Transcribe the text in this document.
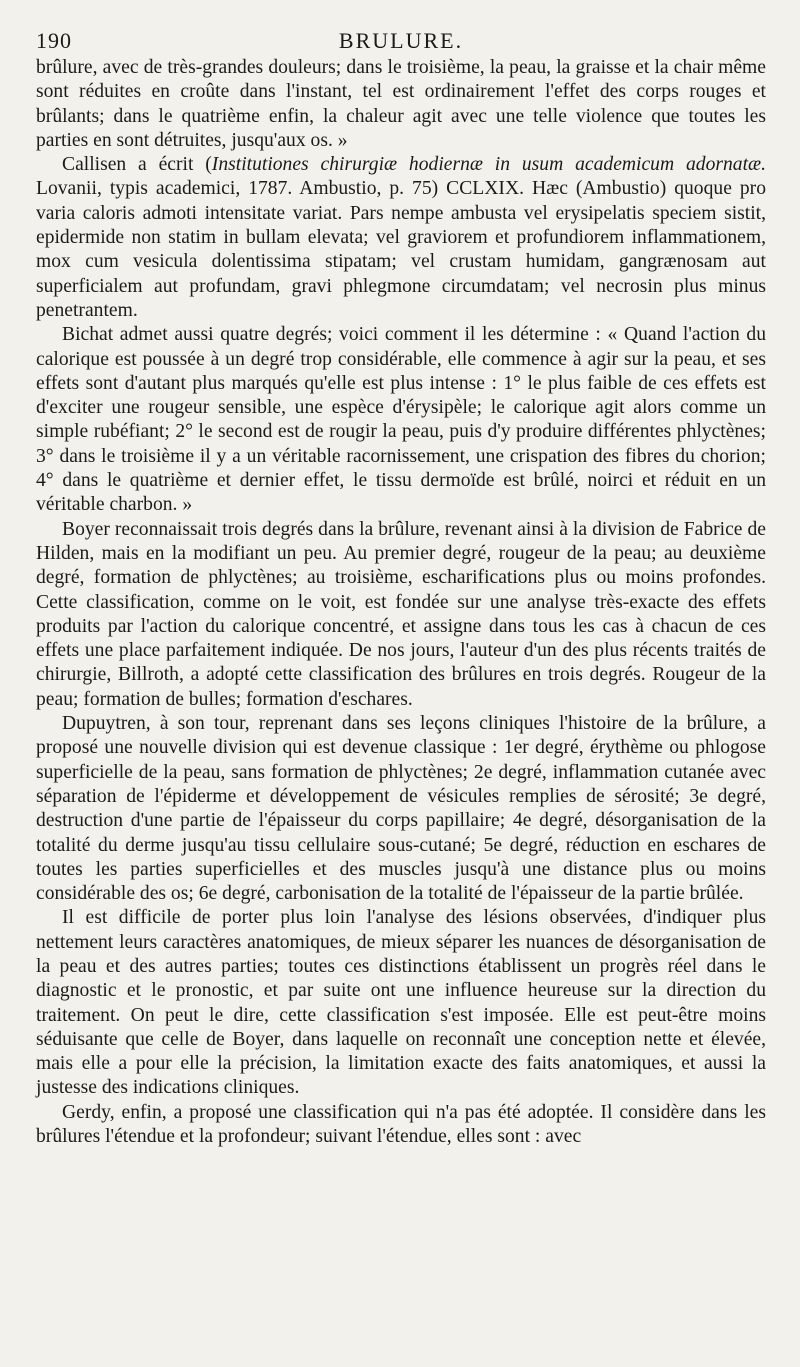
190	BRULURE.

brûlure, avec de très-grandes douleurs; dans le troisième, la peau, la graisse et la chair même sont réduites en croûte dans l'instant, tel est ordinairement l'effet des corps rouges et brûlants; dans le quatrième enfin, la chaleur agit avec une telle violence que toutes les parties en sont détruites, jusqu'aux os. »

Callisen a écrit (Institutiones chirurgiæ hodiernæ in usum academicum adornatæ. Lovanii, typis academici, 1787. Ambustio, p. 75) CCLXIX. Hæc (Ambustio) quoque pro varia caloris admoti intensitate variat. Pars nempe ambusta vel erysipelatis speciem sistit, epidermide non statim in bullam elevata; vel graviorem et profundiorem inflammationem, mox cum vesicula dolentissima stipatam; vel crustam humidam, gangrænosam aut superficialem aut profundam, gravi phlegmone circumdatam; vel necrosin plus minus penetrantem.

Bichat admet aussi quatre degrés; voici comment il les détermine : « Quand l'action du calorique est poussée à un degré trop considérable, elle commence à agir sur la peau, et ses effets sont d'autant plus marqués qu'elle est plus intense : 1° le plus faible de ces effets est d'exciter une rougeur sensible, une espèce d'érysipèle; le calorique agit alors comme un simple rubéfiant; 2° le second est de rougir la peau, puis d'y produire différentes phlyctènes; 3° dans le troisième il y a un véritable racornissement, une crispation des fibres du chorion; 4° dans le quatrième et dernier effet, le tissu dermoïde est brûlé, noirci et réduit en un véritable charbon. »

Boyer reconnaissait trois degrés dans la brûlure, revenant ainsi à la division de Fabrice de Hilden, mais en la modifiant un peu. Au premier degré, rougeur de la peau; au deuxième degré, formation de phlyctènes; au troisième, escharifications plus ou moins profondes. Cette classification, comme on le voit, est fondée sur une analyse très-exacte des effets produits par l'action du calorique concentré, et assigne dans tous les cas à chacun de ces effets une place parfaitement indiquée. De nos jours, l'auteur d'un des plus récents traités de chirurgie, Billroth, a adopté cette classification des brûlures en trois degrés. Rougeur de la peau; formation de bulles; formation d'eschares.

Dupuytren, à son tour, reprenant dans ses leçons cliniques l'histoire de la brûlure, a proposé une nouvelle division qui est devenue classique : 1er degré, érythème ou phlogose superficielle de la peau, sans formation de phlyctènes; 2e degré, inflammation cutanée avec séparation de l'épiderme et développement de vésicules remplies de sérosité; 3e degré, destruction d'une partie de l'épaisseur du corps papillaire; 4e degré, désorganisation de la totalité du derme jusqu'au tissu cellulaire sous-cutané; 5e degré, réduction en eschares de toutes les parties superficielles et des muscles jusqu'à une distance plus ou moins considérable des os; 6e degré, carbonisation de la totalité de l'épaisseur de la partie brûlée.

Il est difficile de porter plus loin l'analyse des lésions observées, d'indiquer plus nettement leurs caractères anatomiques, de mieux séparer les nuances de désorganisation de la peau et des autres parties; toutes ces distinctions établissent un progrès réel dans le diagnostic et le pronostic, et par suite ont une influence heureuse sur la direction du traitement. On peut le dire, cette classification s'est imposée. Elle est peut-être moins séduisante que celle de Boyer, dans laquelle on reconnaît une conception nette et élevée, mais elle a pour elle la précision, la limitation exacte des faits anatomiques, et aussi la justesse des indications cliniques.

Gerdy, enfin, a proposé une classification qui n'a pas été adoptée. Il considère dans les brûlures l'étendue et la profondeur; suivant l'étendue, elles sont : avec
